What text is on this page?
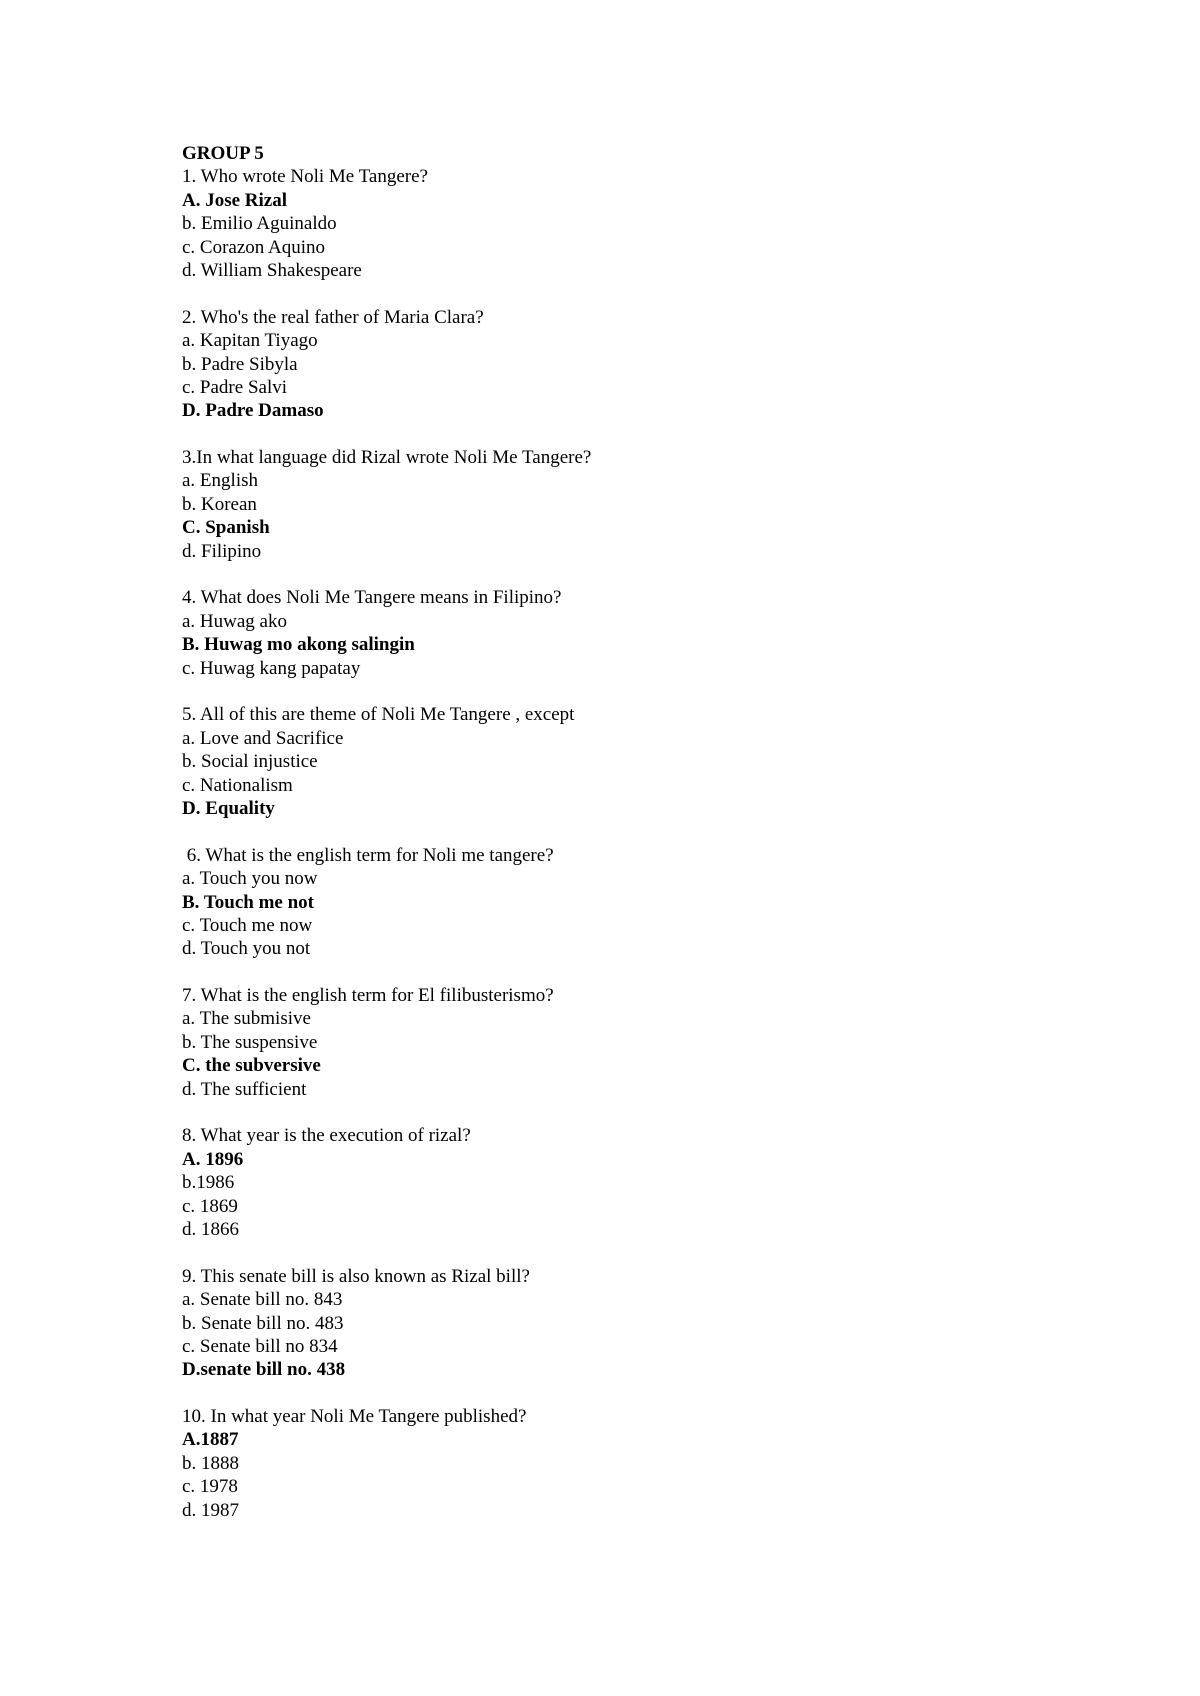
GROUP 5
1. Who wrote Noli Me Tangere?
A. Jose Rizal
b. Emilio Aguinaldo
c. Corazon Aquino
d. William Shakespeare
2. Who's the real father of Maria Clara?
a. Kapitan Tiyago
b. Padre Sibyla
c. Padre Salvi
D. Padre Damaso
3.In what language did Rizal wrote Noli Me Tangere?
a. English
b. Korean
C. Spanish
d. Filipino
4. What does Noli Me Tangere means in Filipino?
a. Huwag ako
B. Huwag mo akong salingin
c. Huwag kang papatay
5. All of this are theme of Noli Me Tangere , except
a. Love and Sacrifice
b. Social injustice
c. Nationalism
D. Equality
6. What is the english term for Noli me tangere?
a. Touch you now
B. Touch me not
c. Touch me now
d. Touch you not
7. What is the english term for El filibusterismo?
a. The submisive
b. The suspensive
C. the subversive
d. The sufficient
8. What year is the execution of rizal?
A. 1896
b.1986
c. 1869
d. 1866
9. This senate bill is also known as Rizal bill?
a. Senate bill no. 843
b. Senate bill no. 483
c. Senate bill no 834
D.senate bill no. 438
10. In what year Noli Me Tangere published?
A.1887
b. 1888
c. 1978
d. 1987
